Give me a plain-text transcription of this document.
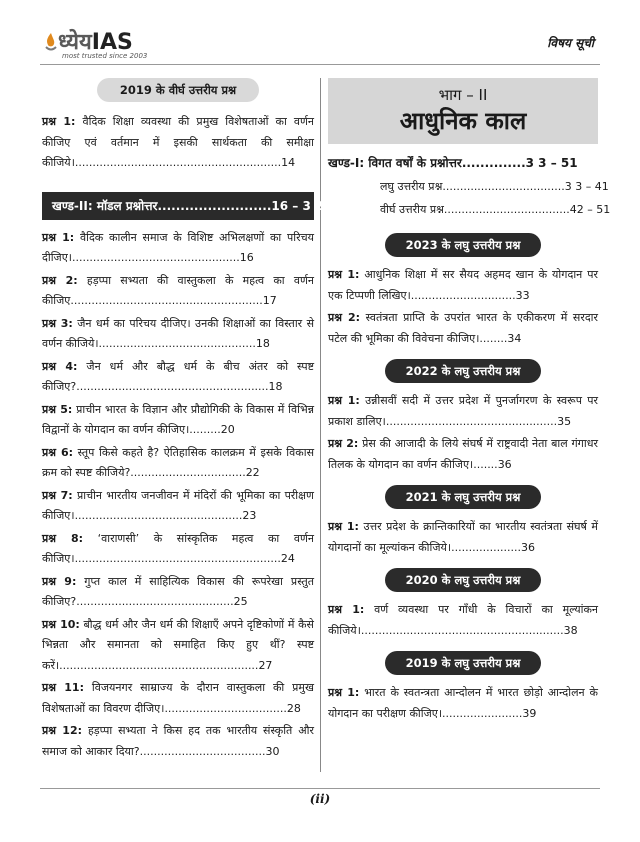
ध्येयIAS
most trusted since 2003
विषय सूची
2019 के वीर्घ उत्तरीय प्रश्न

प्रश्न 1: वैदिक शिक्षा व्यवस्था की प्रमुख विशेषताओं का वर्णन कीजिए एवं वर्तमान में इसकी सार्थकता की समीक्षा कीजिये।...........................................................14

खण्ड-II: मॉडल प्रश्नोत्तर.........................16 – 3 2

प्रश्न 1: वैदिक कालीन समाज के विशिष्ट अभिलक्षणों का परिचय दीजिए।................................................16

प्रश्न 2: हड़प्पा सभ्यता की वास्तुकला के महत्व का वर्णन कीजिए.......................................................17

प्रश्न 3: जैन धर्म का परिचय दीजिए। उनकी शिक्षाओं का विस्तार से वर्णन कीजिये।.............................................18

प्रश्न 4: जैन धर्म और बौद्ध धर्म के बीच अंतर को स्पष्ट कीजिए?.......................................................18

प्रश्न 5: प्राचीन भारत के विज्ञान और प्रौद्योगिकी के विकास में विभिन्न विद्वानों के योगदान का वर्णन कीजिए।.........20

प्रश्न 6: स्तूप किसे कहते है? ऐतिहासिक कालक्रम में इसके विकास क्रम को स्पष्ट कीजिये?.................................22

प्रश्न 7: प्राचीन भारतीय जनजीवन में मंदिरों की भूमिका का परीक्षण कीजिए।................................................23

प्रश्न 8: ‘वाराणसी’ के सांस्कृतिक महत्व का वर्णन कीजिए।...........................................................24

प्रश्न 9: गुप्त काल में साहित्यिक विकास की रूपरेखा प्रस्तुत कीजिए?.............................................25

प्रश्न 10: बौद्ध धर्म और जैन धर्म की शिक्षाएँ अपने दृष्टिकोणों में कैसे भिन्नता और समानता को समाहित किए हुए थीं? स्पष्ट करें।.........................................................27

प्रश्न 11: विजयनगर साम्राज्य के दौरान वास्तुकला की प्रमुख विशेषताओं का विवरण दीजिए।...................................28

प्रश्न 12: हड़प्पा सभ्यता ने किस हद तक भारतीय संस्कृति और समाज को आकार दिया?....................................30

भाग – II
आधुनिक काल
खण्ड-I: विगत वर्षों के प्रश्नोत्तर..............3 3 – 51
लघु उत्तरीय प्रश्न...................................3 3 – 41
वीर्घ उत्तरीय प्रश्न....................................42 – 51
2023 के लघु उत्तरीय प्रश्न

प्रश्न 1: आधुनिक शिक्षा में सर सैयद अहमद खान के योगदान पर एक टिप्पणी लिखिए।..............................33

प्रश्न 2: स्वतंत्रता प्राप्ति के उपरांत भारत के एकीकरण में सरदार पटेल की भूमिका की विवेचना कीजिए।........34

2022 के लघु उत्तरीय प्रश्न

प्रश्न 1: उन्नीसवीं सदी में उत्तर प्रदेश में पुनर्जागरण के स्वरूप पर प्रकाश डालिए।.................................................35

प्रश्न 2: प्रेस की आजादी के लिये संघर्ष में राष्ट्रवादी नेता बाल गंगाधर तिलक के योगदान का वर्णन कीजिए।.......36

2021 के लघु उत्तरीय प्रश्न

प्रश्न 1: उत्तर प्रदेश के क्रान्तिकारियों का भारतीय स्वतंत्रता संघर्ष में योगदानों का मूल्यांकन कीजिये।....................36

2020 के लघु उत्तरीय प्रश्न

प्रश्न 1: वर्ण व्यवस्था पर गाँधी के विचारों का मूल्यांकन कीजिये।..........................................................38

2019 के लघु उत्तरीय प्रश्न

प्रश्न 1: भारत के स्वतन्त्रता आन्दोलन में भारत छोड़ो आन्दोलन के योगदान का परीक्षण कीजिए।.......................39

(ii)
